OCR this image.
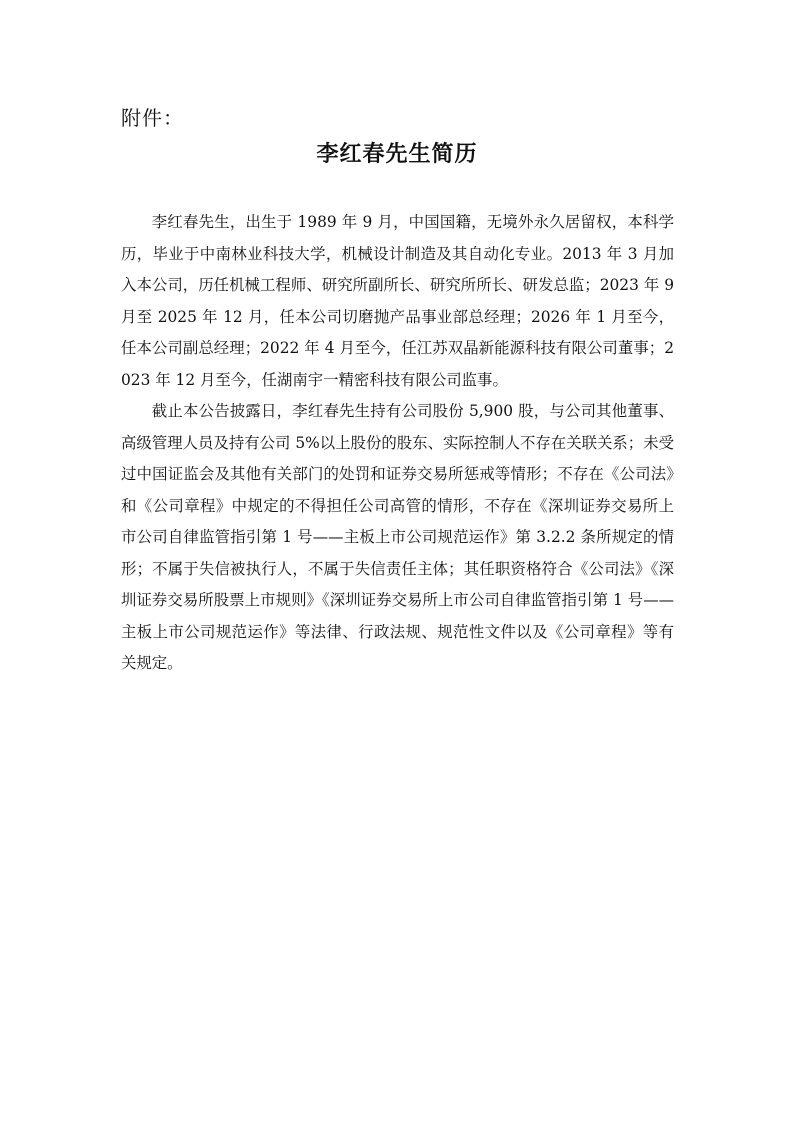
附件：
李红春先生简历

李红春先生，出生于 1989 年 9 月，中国国籍，无境外永久居留权，本科学历，毕业于中南林业科技大学，机械设计制造及其自动化专业。2013 年 3 月加入本公司，历任机械工程师、研究所副所长、研究所所长、研发总监；2023 年 9 月至 2025 年 12 月，任本公司切磨抛产品事业部总经理；2026 年 1 月至今，任本公司副总经理；2022 年 4 月至今，任江苏双晶新能源科技有限公司董事；2023 年 12 月至今，任湖南宇一精密科技有限公司监事。

截止本公告披露日，李红春先生持有公司股份 5,900 股，与公司其他董事、高级管理人员及持有公司 5%以上股份的股东、实际控制人不存在关联关系；未受过中国证监会及其他有关部门的处罚和证券交易所惩戒等情形；不存在《公司法》和《公司章程》中规定的不得担任公司高管的情形，不存在《深圳证券交易所上市公司自律监管指引第 1 号——主板上市公司规范运作》第 3.2.2 条所规定的情形；不属于失信被执行人，不属于失信责任主体；其任职资格符合《公司法》《深圳证券交易所股票上市规则》《深圳证券交易所上市公司自律监管指引第 1 号——主板上市公司规范运作》等法律、行政法规、规范性文件以及《公司章程》等有关规定。
